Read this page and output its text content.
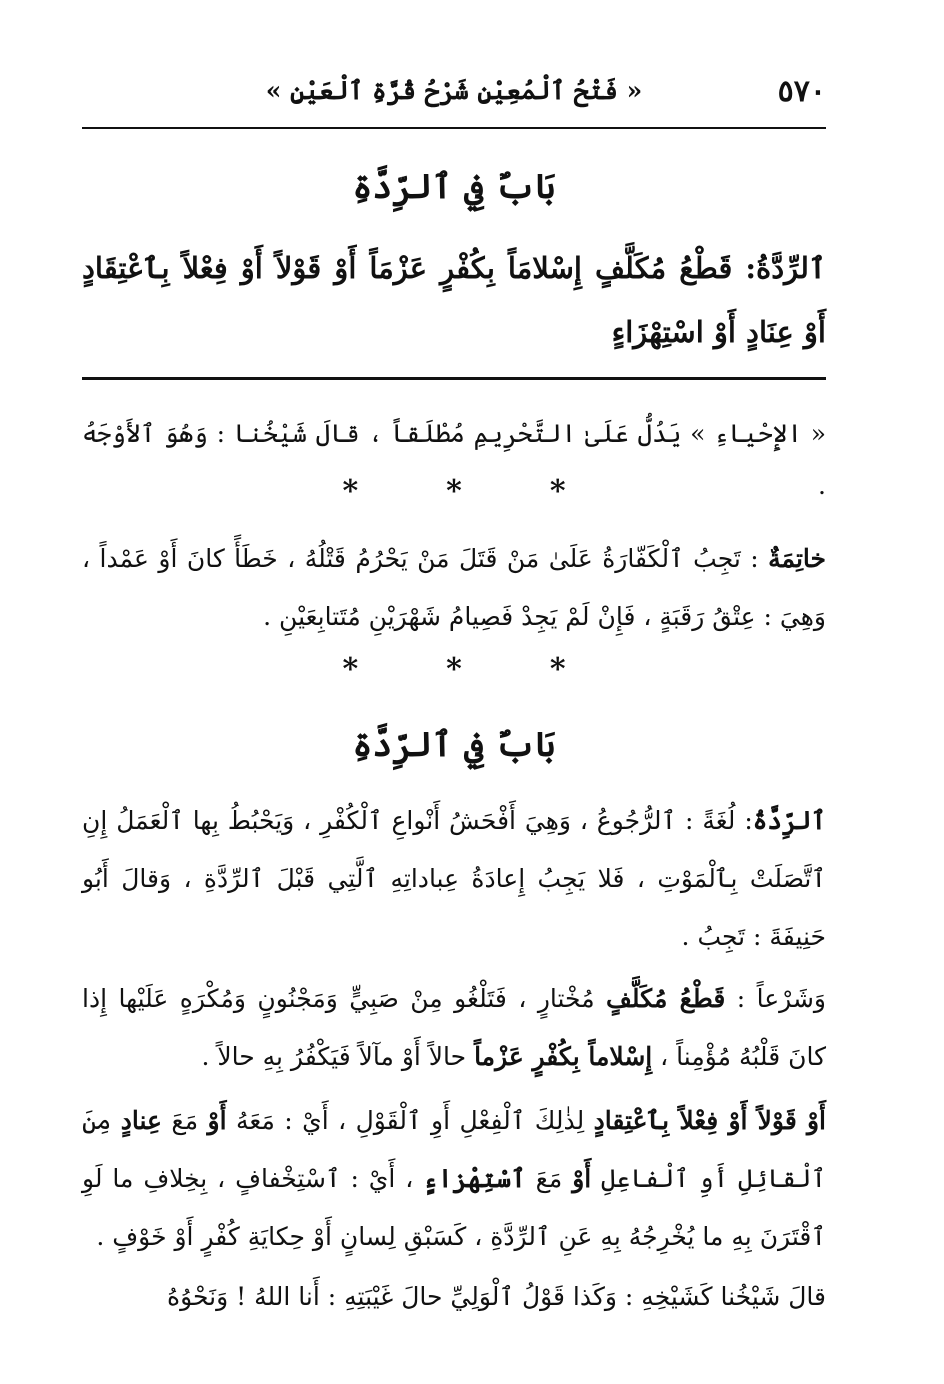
٥٧٠
« فَتْحُ ٱلْمُعِيْنِ شَرْحُ قُرَّةِ ٱلْعَيْنِ »
بَابٌ فِي ٱلرِّدَّةِ
ٱلرِّدَّةُ: قَطْعُ مُكَلَّفٍ إِسْلامَاً بِكُفْرٍ عَزْمَاً أَوْ قَوْلاً أَوْ فِعْلاً بِٱعْتِقَادٍ أَوْ عِنَادٍ أَوْ اسْتِهْزَاءٍ
« الإِحْياءِ » يَدُلُّ عَلَىٰ التَّحْرِيمِ مُطْلَقاً ، قالَ شَيْخُنا : وَهُوَ ٱلأَوْجَهُ .
***
خاتِمَةٌ : تَجِبُ ٱلْكَفّارَةُ عَلَىٰ مَنْ قَتَلَ مَنْ يَحْرُمُ قَتْلُهُ ، خَطَأً كانَ أَوْ عَمْداً ، وَهِيَ : عِتْقُ رَقَبَةٍ ، فَإِنْ لَمْ يَجِدْ فَصِيامُ شَهْرَيْنِ مُتَتابِعَيْنِ .
***
بَابٌ فِي ٱلرِّدَّةِ
ٱلرِّدَّةُ: لُغَةً : ٱلرُّجُوعُ ، وَهِيَ أَفْحَشُ أَنْواعِ ٱلْكُفْرِ ، وَيَحْبُطُ بِها ٱلْعَمَلُ إِنِ ٱتَّصَلَتْ بِٱلْمَوْتِ ، فَلا يَجِبُ إِعادَةُ عِباداتِهِ ٱلَّتِي قَبْلَ ٱلرِّدَّةِ ، وَقالَ أَبُو حَنِيفَةَ : تَجِبُ .
وَشَرْعاً : قَطْعُ مُكَلَّفٍ مُخْتارٍ ، فَتَلْغُو مِنْ صَبِيٍّ وَمَجْنُونٍ وَمُكْرَهٍ عَلَيْها إِذا كانَ قَلْبُهُ مُؤْمِناً ، إِسْلاماً بِكُفْرٍ عَزْماً حالاً أَوْ مآلاً فَيَكْفُرُ بِهِ حالاً .
أَوْ قَوْلاً أَوْ فِعْلاً بِٱعْتِقادٍ لِذٰلِكَ ٱلْفِعْلِ أَوِ ٱلْقَوْلِ ، أَيْ : مَعَهُ أَوْ مَعَ عِنادٍ مِنَ ٱلْقائِلِ أَوِ ٱلْفاعِلِ أَوْ مَعَ ٱسْتِهْزاءٍ ، أَيْ : ٱسْتِخْفافٍ ، بِخِلافِ ما لَوِ ٱقْتَرَنَ بِهِ ما يُخْرِجُهُ بِهِ عَنِ ٱلرِّدَّةِ ، كَسَبْقِ لِسانٍ أَوْ حِكايَةِ كُفْرٍ أَوْ خَوْفٍ .
قالَ شَيْخُنا كَشَيْخِهِ : وَكَذا قَوْلُ ٱلْوَلِيِّ حالَ غَيْبَتِهِ : أَنا اللهُ ! وَنَحْوُهُ
